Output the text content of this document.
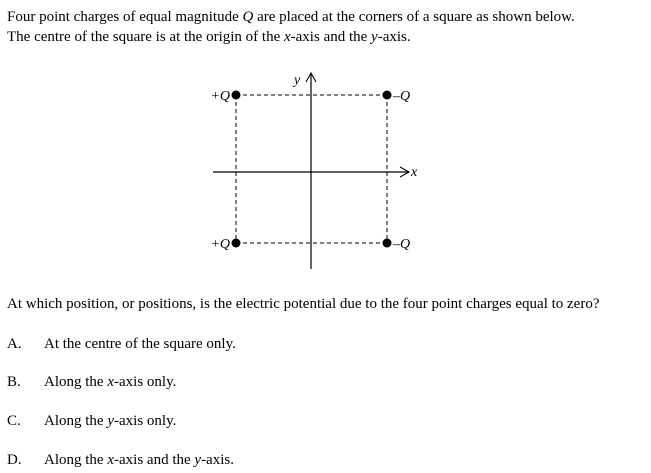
Four point charges of equal magnitude Q are placed at the corners of a square as shown below.
The centre of the square is at the origin of the x-axis and the y-axis.
y
x
+Q	–Q
+Q	–Q
At which position, or positions, is the electric potential due to the four point charges equal to zero?
A. At the centre of the square only.
B. Along the x-axis only.
C. Along the y-axis only.
D. Along the x-axis and the y-axis.
